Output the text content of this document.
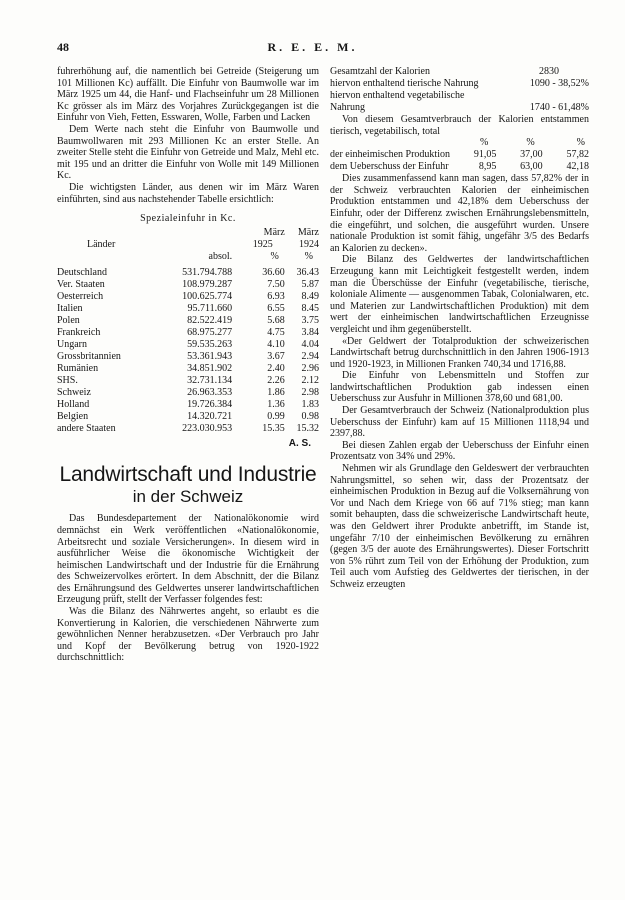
48	R. E. E. M.

fuhrerhöhung auf, die namentlich bei Getreide (Steigerung um 101 Millionen Kc) auffällt. Die Einfuhr von Baumwolle war im März 1925 um 44, die Hanf- und Flachseinfuhr um 28 Millionen Kc grösser als im März des Vorjahres Zurückgegangen ist die Einfuhr von Vieh, Fetten, Esswaren, Wolle, Farben und Lacken

Dem Werte nach steht die Einfuhr von Baumwolle und Baumwollwaren mit 293 Millionen Kc an erster Stelle. An zweiter Stelle steht die Einfuhr von Getreide und Malz, Mehl etc. mit 195 und an dritter die Einfuhr von Wolle mit 149 Millionen Kc.

Die wichtigsten Länder, aus denen wir im März Waren einführten, sind aus nachstehender Tabelle ersichtlich:

Spezialeinfuhr in Kc.
		März	März
Länder		1925	1924
	absol.		%	%

Deutschland	531.794.788		36.60	36.43
Ver. Staaten	108.979.287		7.50	5.87
Oesterreich	100.625.774		6.93	8.49
Italien	95.711.660		6.55	8.45
Polen	82.522.419		5.68	3.75
Frankreich	68.975.277		4.75	3.84
Ungarn	59.535.263		4.10	4.04
Grossbritannien	53.361.943		3.67	2.94
Rumänien	34.851.902		2.40	2.96
SHS.	32.731.134		2.26	2.12
Schweiz	26.963.353		1.86	2.98
Holland	19.726.384		1.36	1.83
Belgien	14.320.721		0.99	0.98
andere Staaten	223.030.953		15.35	15.32
A. S.
Landwirtschaft und Industrie
in der Schweiz

Das Bundesdepartement der Nationalökonomie wird demnächst ein Werk veröffentlichen «Nationalökonomie, Arbeitsrecht und soziale Versicherungen». In diesem wird in ausführlicher Weise die ökonomische Wichtigkeit der heimischen Landwirtschaft und der Industrie für die Ernährung des Schweizervolkes erörtert. In dem Abschnitt, der die Bilanz des Ernährungsund des Geldwertes unserer landwirtschaftlichen Erzeugung prüft, stellt der Verfasser folgendes fest:

Was die Bilanz des Nährwertes angeht, so erlaubt es die Konvertierung in Kalorien, die verschiedenen Nährwerte zum gewöhnlichen Nenner herabzusetzen. «Der Verbrauch pro Jahr und Kopf der Bevölkerung betrug von 1920-1922 durchschnittlich:

Gesamtzahl der Kalorien	2830
hiervon enthaltend tierische Nahrung	1090 - 38,52%
hiervon enthaltend vegetabilische Nahrung	1740 - 61,48%

Von diesem Gesamtverbrauch der Kalorien entstammen tierisch, vegetabilisch, total

	%	%	%
der einheimischen Produktion	91,05	37,00	57,82
dem Ueberschuss der Einfuhr	8,95	63,00	42,18

Dies zusammenfassend kann man sagen, dass 57,82% der in der Schweiz verbrauchten Kalorien der einheimischen Produktion entstammen und 42,18% dem Ueberschuss der Einfuhr, oder der Differenz zwischen Ernährungslebensmitteln, die eingeführt, und solchen, die ausgeführt wurden. Unsere nationale Produktion ist somit fähig, ungefähr 3/5 des Bedarfs an Kalorien zu decken».

Die Bilanz des Geldwertes der landwirtschaftlichen Erzeugung kann mit Leichtigkeit festgestellt werden, indem man die Überschüsse der Einfuhr (vegetabilische, tierische, koloniale Alimente — ausgenommen Tabak, Colonialwaren, etc. und Materien zur Landwirtschaftlichen Produktion) mit dem wert der einheimischen landwirtschaftlichen Erzeugnisse vergleicht und ihm gegenüberstellt.

«Der Geldwert der Totalproduktion der schweizerischen Landwirtschaft betrug durchschnittlich in den Jahren 1906-1913 und 1920-1923, in Millionen Franken 740,34 und 1716,88.

Die Einfuhr von Lebensmitteln und Stoffen zur landwirtschaftlichen Produktion gab indessen einen Ueberschuss zur Ausfuhr in Millionen 378,60 und 681,00.

Der Gesamtverbrauch der Schweiz (Nationalproduktion plus Ueberschuss der Einfuhr) kam auf 15 Millionen 1118,94 und 2397,88.

Bei diesen Zahlen ergab der Ueberschuss der Einfuhr einen Prozentsatz von 34% und 29%.

Nehmen wir als Grundlage den Geldeswert der verbrauchten Nahrungsmittel, so sehen wir, dass der Prozentsatz der einheimischen Produktion in Bezug auf die Volksernährung von Vor und Nach dem Kriege von 66 auf 71% stieg; man kann somit behaupten, dass die schweizerische Landwirtschaft heute, was den Geldwert ihrer Produkte anbetrifft, im Stande ist, ungefähr 7/10 der einheimischen Bevölkerung zu ernähren (gegen 3/5 der auote des Ernährungswertes). Dieser Fortschritt von 5% rührt zum Teil von der Erhöhung der Produktion, zum Teil auch vom Aufstieg des Geldwertes der tierischen, in der Schweiz erzeugten
